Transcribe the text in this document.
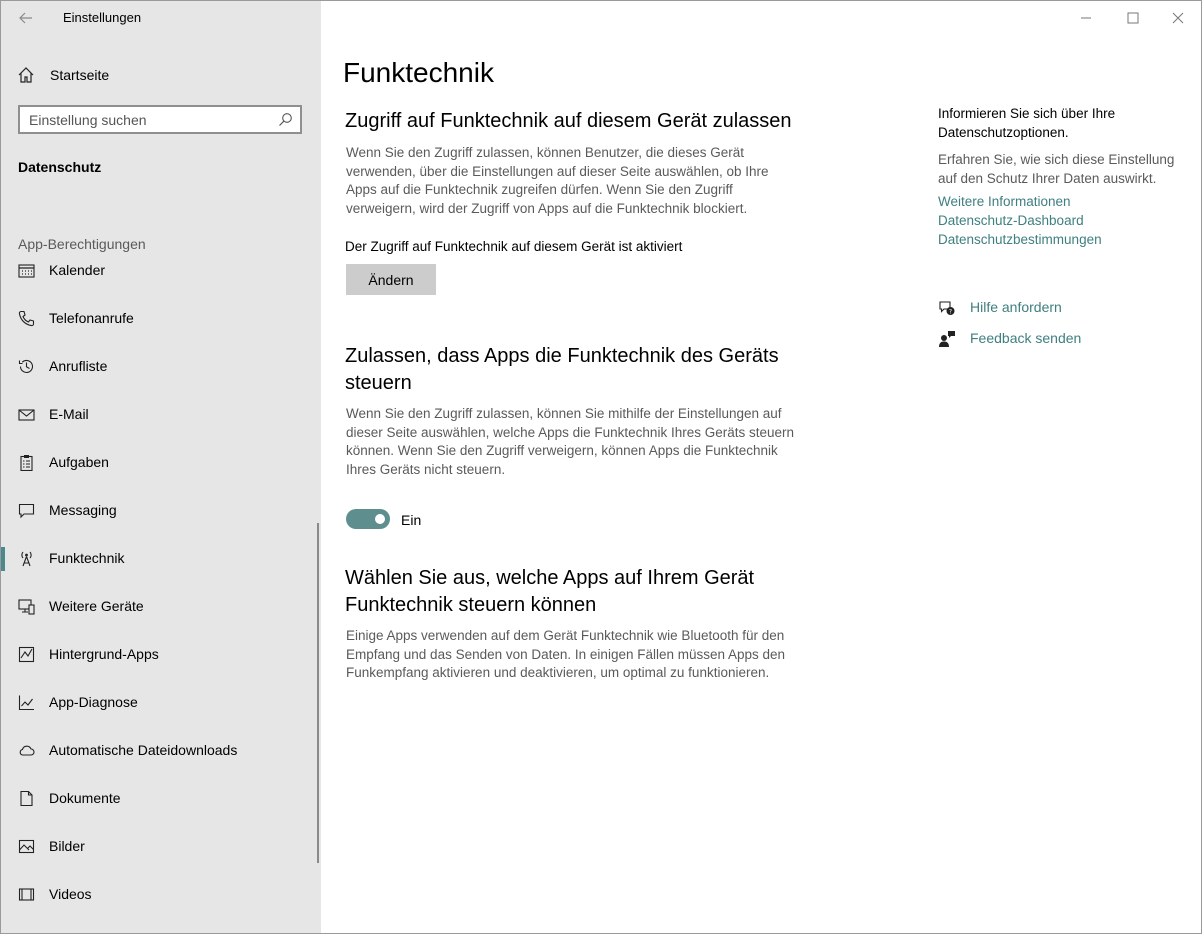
Einstellungen
Startseite
Einstellung suchen
Datenschutz
App-Berechtigungen
Kalender
Telefonanrufe
Anrufliste
E-Mail
Aufgaben
Messaging
Funktechnik
Weitere Geräte
Hintergrund-Apps
App-Diagnose
Automatische Dateidownloads
Dokumente
Bilder
Videos
Funktechnik
Zugriff auf Funktechnik auf diesem Gerät zulassen
Wenn Sie den Zugriff zulassen, können Benutzer, die dieses Gerät verwenden, über die Einstellungen auf dieser Seite auswählen, ob Ihre Apps auf die Funktechnik zugreifen dürfen. Wenn Sie den Zugriff verweigern, wird der Zugriff von Apps auf die Funktechnik blockiert.
Der Zugriff auf Funktechnik auf diesem Gerät ist aktiviert
Ändern
Zulassen, dass Apps die Funktechnik des Geräts steuern
Wenn Sie den Zugriff zulassen, können Sie mithilfe der Einstellungen auf dieser Seite auswählen, welche Apps die Funktechnik Ihres Geräts steuern können. Wenn Sie den Zugriff verweigern, können Apps die Funktechnik Ihres Geräts nicht steuern.
Ein
Wählen Sie aus, welche Apps auf Ihrem Gerät Funktechnik steuern können
Einige Apps verwenden auf dem Gerät Funktechnik wie Bluetooth für den Empfang und das Senden von Daten. In einigen Fällen müssen Apps den Funkempfang aktivieren und deaktivieren, um optimal zu funktionieren.
Informieren Sie sich über Ihre Datenschutzoptionen.
Erfahren Sie, wie sich diese Einstellung auf den Schutz Ihrer Daten auswirkt.
Weitere Informationen
Datenschutz-Dashboard
Datenschutzbestimmungen
? Hilfe anfordern
Feedback senden
